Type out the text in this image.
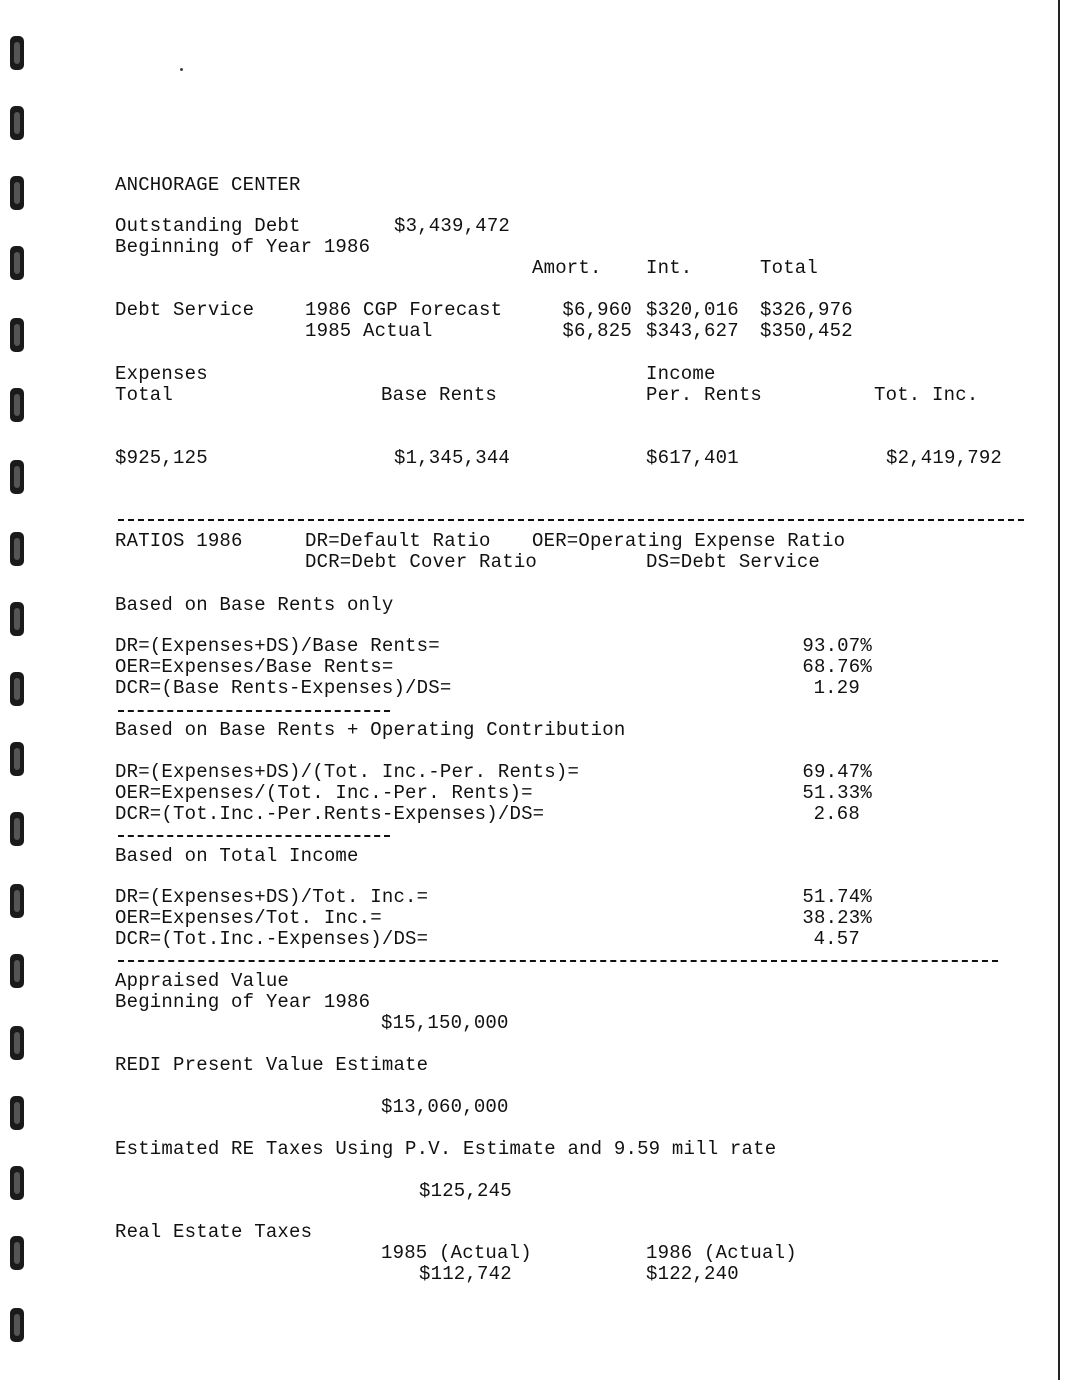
ANCHORAGE CENTER
Outstanding Debt	$3,439,472
Beginning of Year 1986
Amort. Int.	Total
Debt Service	1986 CGP Forecast	$6,960 $320,016 $326,976
1985 Actual	$6,825 $343,627 $350,452
Expenses	Income
Total	Base Rents	Per. Rents	Tot. Inc.
$925,125	$1,345,344	$617,401	$2,419,792
RATIOS 1986	DR=Default Ratio OER=Operating Expense Ratio
DCR=Debt Cover Ratio	DS=Debt Service
Based on Base Rents only
DR=(Expenses+DS)/Base Rents=	93.07%
OER=Expenses/Base Rents=	68.76%
DCR=(Base Rents-Expenses)/DS=	1.29
Based on Base Rents + Operating Contribution
DR=(Expenses+DS)/(Tot. Inc.-Per. Rents)=	69.47%
OER=Expenses/(Tot. Inc.-Per. Rents)=	51.33%
DCR=(Tot.Inc.-Per.Rents-Expenses)/DS=	2.68
Based on Total Income
DR=(Expenses+DS)/Tot. Inc.=	51.74%
OER=Expenses/Tot. Inc.=	38.23%
DCR=(Tot.Inc.-Expenses)/DS=	4.57
Appraised Value
Beginning of Year 1986
$15,150,000
REDI Present Value Estimate
$13,060,000
Estimated RE Taxes Using P.V. Estimate and 9.59 mill rate
$125,245
Real Estate Taxes
1985 (Actual)	1986 (Actual)
$112,742	$122,240
